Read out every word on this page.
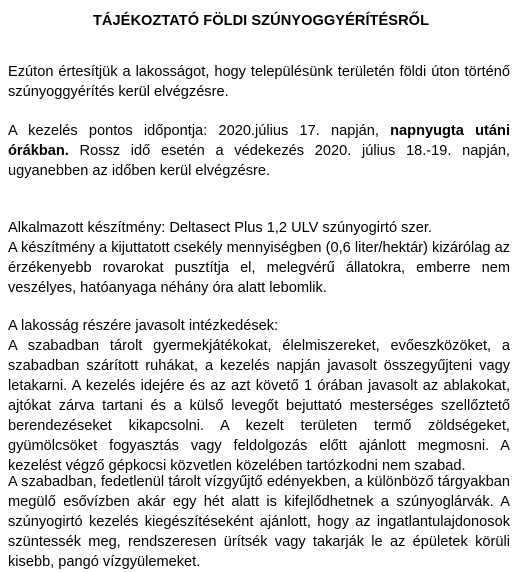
TÁJÉKOZTATÓ FÖLDI SZÚNYOGGYÉRÍTÉSRŐL

Ezúton értesítjük a lakosságot, hogy településünk területén földi úton történő szúnyoggyérítés kerül elvégzésre.

A kezelés pontos időpontja: 2020.július 17. napján, napnyugta utáni órákban. Rossz idő esetén a védekezés 2020. július 18.-19. napján, ugyanebben az időben kerül elvégzésre.

Alkalmazott készítmény: Deltasect Plus 1,2 ULV szúnyogirtó szer.
A készítmény a kijuttatott csekély mennyiségben (0,6 liter/hektár) kizárólag az érzékenyebb rovarokat pusztítja el, melegvérű állatokra, emberre nem veszélyes, hatóanyaga néhány óra alatt lebomlik.
A lakosság részére javasolt intézkedések:
A szabadban tárolt gyermekjátékokat, élelmiszereket, evőeszközöket, a szabadban szárított ruhákat, a kezelés napján javasolt összegyűjteni vagy letakarni. A kezelés idejére és az azt követő 1 órában javasolt az ablakokat, ajtókat zárva tartani és a külső levegőt bejuttató mesterséges szellőztető berendezéseket kikapcsolni. A kezelt területen termő zöldségeket, gyümölcsöket fogyasztás vagy feldolgozás előtt ajánlott megmosni. A kezelést végző gépkocsi közvetlen közelében tartózkodni nem szabad.

A szabadban, fedetlenül tárolt vízgyűjtő edényekben, a különböző tárgyakban megülő esővízben akár egy hét alatt is kifejlődhetnek a szúnyoglárvák. A szúnyogirtó kezelés kiegészítéseként ajánlott, hogy az ingatlantulajdonosok szüntessék meg, rendszeresen ürítsék vagy takarják le az épületek körüli kisebb, pangó vízgyülemeket.
